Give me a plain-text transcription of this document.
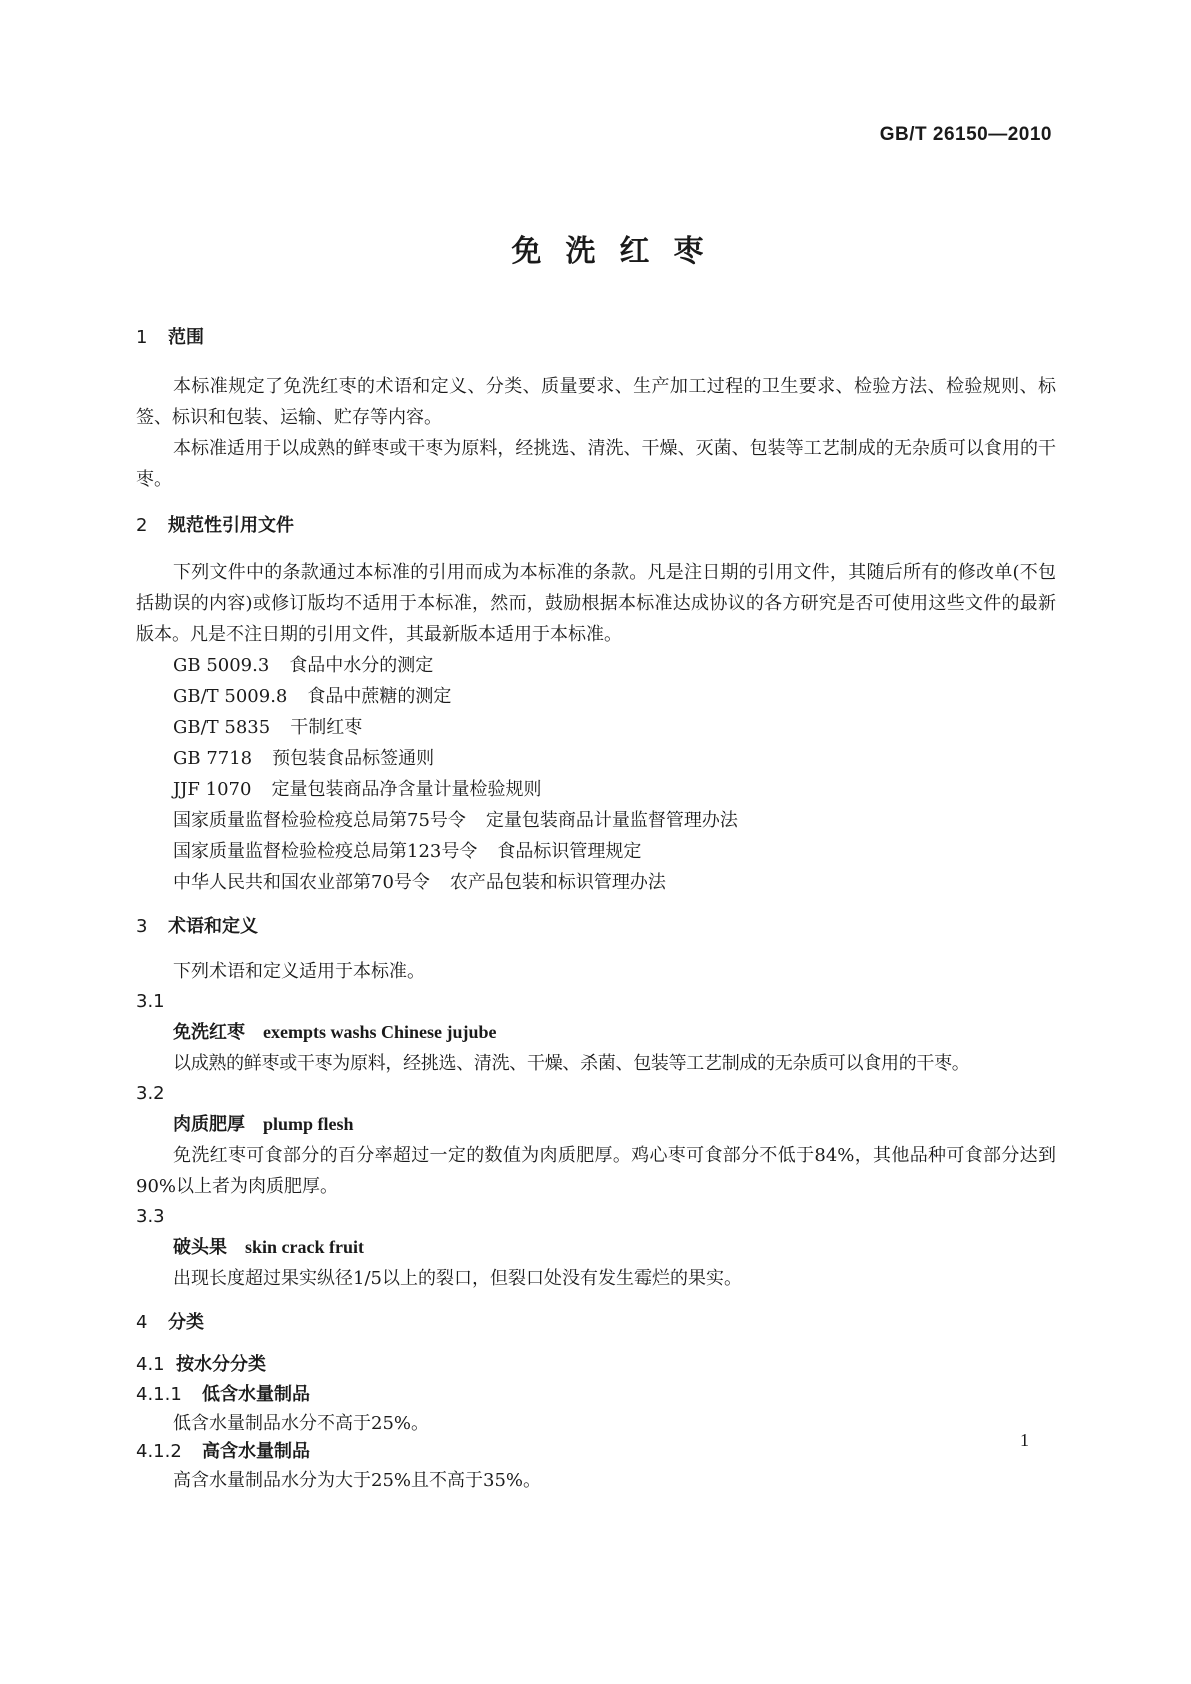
GB/T 26150—2010
免洗红枣

1 范围

本标准规定了免洗红枣的术语和定义、分类、质量要求、生产加工过程的卫生要求、检验方法、检验规则、标签、标识和包装、运输、贮存等内容。

本标准适用于以成熟的鲜枣或干枣为原料，经挑选、清洗、干燥、灭菌、包装等工艺制成的无杂质可以食用的干枣。

2 规范性引用文件

下列文件中的条款通过本标准的引用而成为本标准的条款。凡是注日期的引用文件，其随后所有的修改单(不包括勘误的内容)或修订版均不适用于本标准，然而，鼓励根据本标准达成协议的各方研究是否可使用这些文件的最新版本。凡是不注日期的引用文件，其最新版本适用于本标准。

GB 5009.3 食品中水分的测定

GB/T 5009.8 食品中蔗糖的测定

GB/T 5835 干制红枣

GB 7718 预包装食品标签通则

JJF 1070 定量包装商品净含量计量检验规则

国家质量监督检验检疫总局第75号令 定量包装商品计量监督管理办法

国家质量监督检验检疫总局第123号令 食品标识管理规定

中华人民共和国农业部第70号令 农产品包装和标识管理办法

3 术语和定义

下列术语和定义适用于本标准。

3.1

免洗红枣 exempts washs Chinese jujube

以成熟的鲜枣或干枣为原料，经挑选、清洗、干燥、杀菌、包装等工艺制成的无杂质可以食用的干枣。

3.2

肉质肥厚 plump flesh

免洗红枣可食部分的百分率超过一定的数值为肉质肥厚。鸡心枣可食部分不低于84%，其他品种可食部分达到90%以上者为肉质肥厚。

3.3

破头果 skin crack fruit

出现长度超过果实纵径1/5以上的裂口，但裂口处没有发生霉烂的果实。

4 分类

4.1 按水分分类

4.1.1 低含水量制品

低含水量制品水分不高于25%。

4.1.2 高含水量制品

高含水量制品水分为大于25%且不高于35%。

1
